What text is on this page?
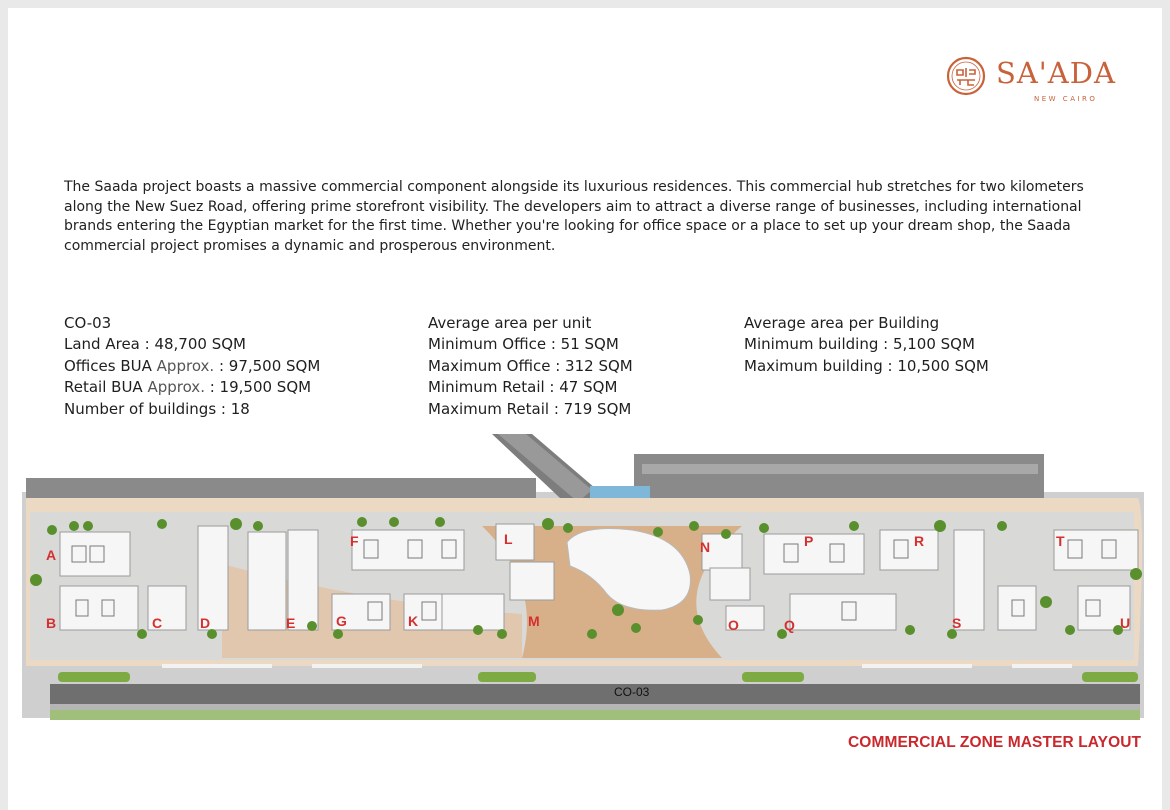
SA'ADA
NEW CAIRO
The Saada project boasts a massive commercial component alongside its luxurious residences. This commercial hub stretches for two kilometers along the New Suez Road, offering prime storefront visibility. The developers aim to attract a diverse range of businesses, including international brands entering the Egyptian market for the first time. Whether you're looking for office space or a place to set up your dream shop, the Saada commercial project promises a dynamic and prosperous environment.
CO-03
Land Area : 48,700 SQM
Offices BUA Approx. : 97,500 SQM
Retail BUA Approx. : 19,500 SQM
Number of buildings : 18
Average area per unit
Minimum Office : 51 SQM
Maximum Office : 312 SQM
Minimum Retail : 47 SQM
Maximum Retail : 719 SQM
Average area per Building
Minimum building : 5,100 SQM
Maximum building : 10,500 SQM
A
B	C	D	E
F
G	K
L
M
N
O
P
Q
R
S
T
U
CO-03
COMMERCIAL ZONE MASTER LAYOUT
